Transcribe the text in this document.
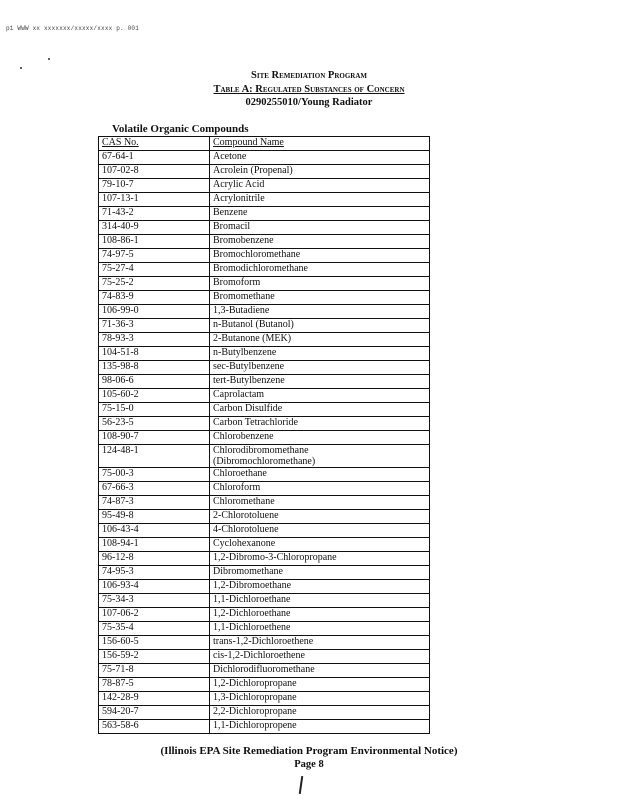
p1 WWW xx xxxxxxx/xxxxx/xxxx p. 001
Site Remediation Program
Table A: Regulated Substances of Concern
0290255010/Young Radiator
Volatile Organic Compounds
CAS No.	Compound Name
67-64-1	Acetone
107-02-8	Acrolein (Propenal)
79-10-7	Acrylic Acid
107-13-1	Acrylonitrile
71-43-2	Benzene
314-40-9	Bromacil
108-86-1	Bromobenzene
74-97-5	Bromochloromethane
75-27-4	Bromodichloromethane
75-25-2	Bromoform
74-83-9	Bromomethane
106-99-0	1,3-Butadiene
71-36-3	n-Butanol (Butanol)
78-93-3	2-Butanone (MEK)
104-51-8	n-Butylbenzene
135-98-8	sec-Butylbenzene
98-06-6	tert-Butylbenzene
105-60-2	Caprolactam
75-15-0	Carbon Disulfide
56-23-5	Carbon Tetrachloride
108-90-7	Chlorobenzene
124-48-1	Chlorodibromomethane
(Dibromochloromethane)
75-00-3	Chloroethane
67-66-3	Chloroform
74-87-3	Chloromethane
95-49-8	2-Chlorotoluene
106-43-4	4-Chlorotoluene
108-94-1	Cyclohexanone
96-12-8	1,2-Dibromo-3-Chloropropane
74-95-3	Dibromomethane
106-93-4	1,2-Dibromoethane
75-34-3	1,1-Dichloroethane
107-06-2	1,2-Dichloroethane
75-35-4	1,1-Dichloroethene
156-60-5	trans-1,2-Dichloroethene
156-59-2	cis-1,2-Dichloroethene
75-71-8	Dichlorodifluoromethane
78-87-5	1,2-Dichloropropane
142-28-9	1,3-Dichloropropane
594-20-7	2,2-Dichloropropane
563-58-6	1,1-Dichloropropene
(Illinois EPA Site Remediation Program Environmental Notice)
Page 8
